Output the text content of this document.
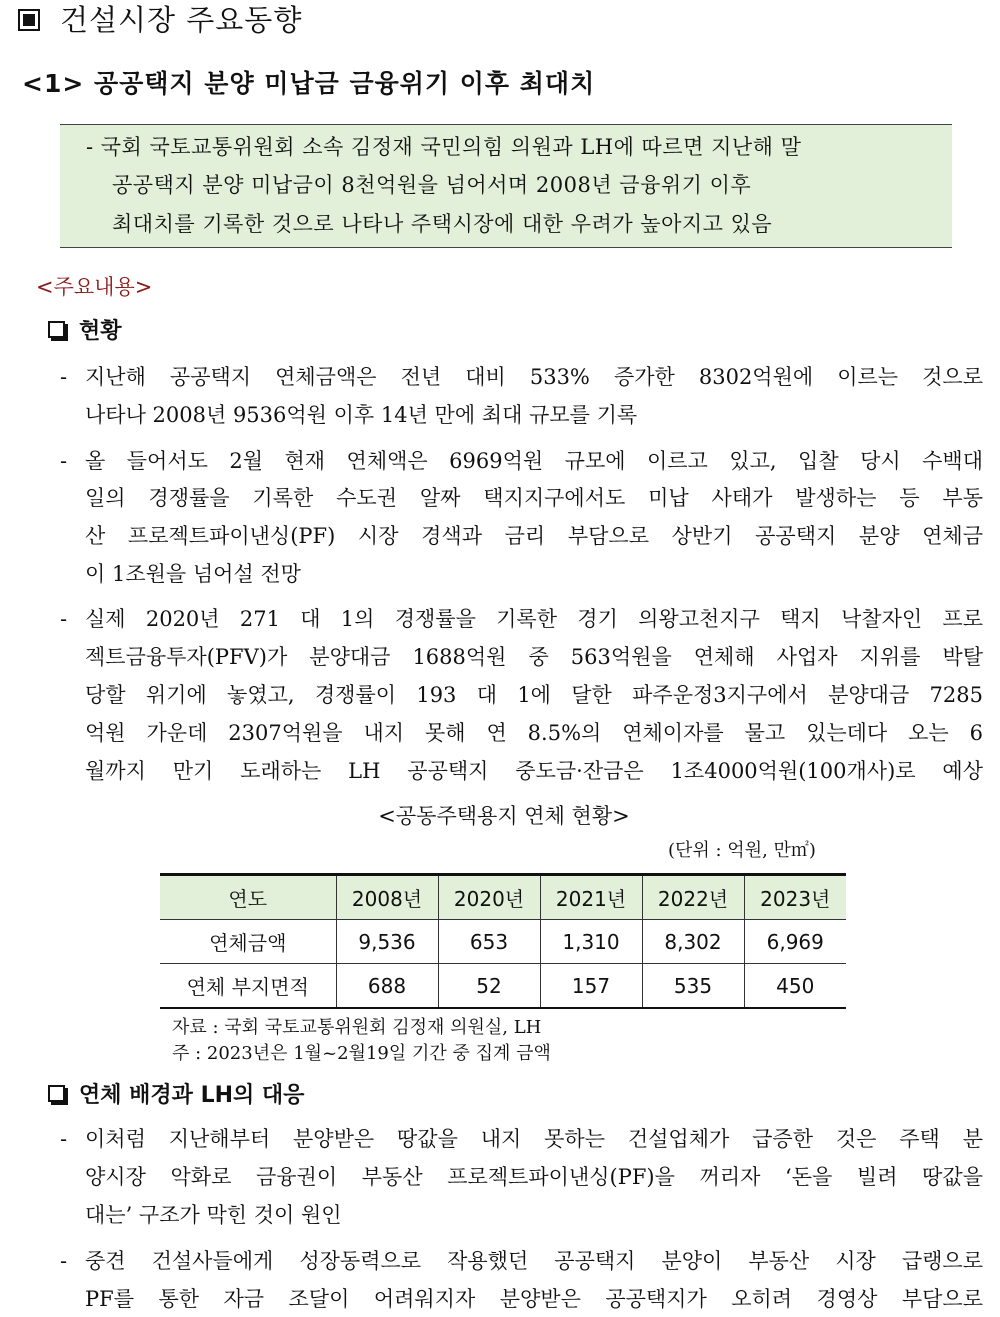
건설시장 주요동향
<1> 공공택지 분양 미납금 금융위기 이후 최대치
- 국회 국토교통위원회 소속 김정재 국민의힘 의원과 LH에 따르면 지난해 말
공공택지 분양 미납금이 8천억원을 넘어서며 2008년 금융위기 이후
최대치를 기록한 것으로 나타나 주택시장에 대한 우려가 높아지고 있음
<주요내용>
현황
- 지난해 공공택지 연체금액은 전년 대비 533% 증가한 8302억원에 이르는 것으로
나타나 2008년 9536억원 이후 14년 만에 최대 규모를 기록
- 올 들어서도 2월 현재 연체액은 6969억원 규모에 이르고 있고, 입찰 당시 수백대
일의 경쟁률을 기록한 수도권 알짜 택지지구에서도 미납 사태가 발생하는 등 부동
산 프로젝트파이낸싱(PF) 시장 경색과 금리 부담으로 상반기 공공택지 분양 연체금
이 1조원을 넘어설 전망
- 실제 2020년 271 대 1의 경쟁률을 기록한 경기 의왕고천지구 택지 낙찰자인 프로
젝트금융투자(PFV)가 분양대금 1688억원 중 563억원을 연체해 사업자 지위를 박탈
당할 위기에 놓였고, 경쟁률이 193 대 1에 달한 파주운정3지구에서 분양대금 7285
억원 가운데 2307억원을 내지 못해 연 8.5%의 연체이자를 물고 있는데다 오는 6
월까지 만기 도래하는 LH 공공택지 중도금·잔금은 1조4000억원(100개사)로 예상
<공동주택용지 연체 현황>
(단위 : 억원, 만㎡)
연도	2008년	2020년	2021년	2022년	2023년
연체금액	9,536	653	1,310	8,302	6,969
연체 부지면적	688	52	157	535	450
자료 : 국회 국토교통위원회 김정재 의원실, LH
주 : 2023년은 1월~2월19일 기간 중 집계 금액
연체 배경과 LH의 대응
- 이처럼 지난해부터 분양받은 땅값을 내지 못하는 건설업체가 급증한 것은 주택 분
양시장 악화로 금융권이 부동산 프로젝트파이낸싱(PF)을 꺼리자 ‘돈을 빌려 땅값을
대는’ 구조가 막힌 것이 원인
- 중견 건설사들에게 성장동력으로 작용했던 공공택지 분양이 부동산 시장 급랭으로
PF를 통한 자금 조달이 어려워지자 분양받은 공공택지가 오히려 경영상 부담으로
